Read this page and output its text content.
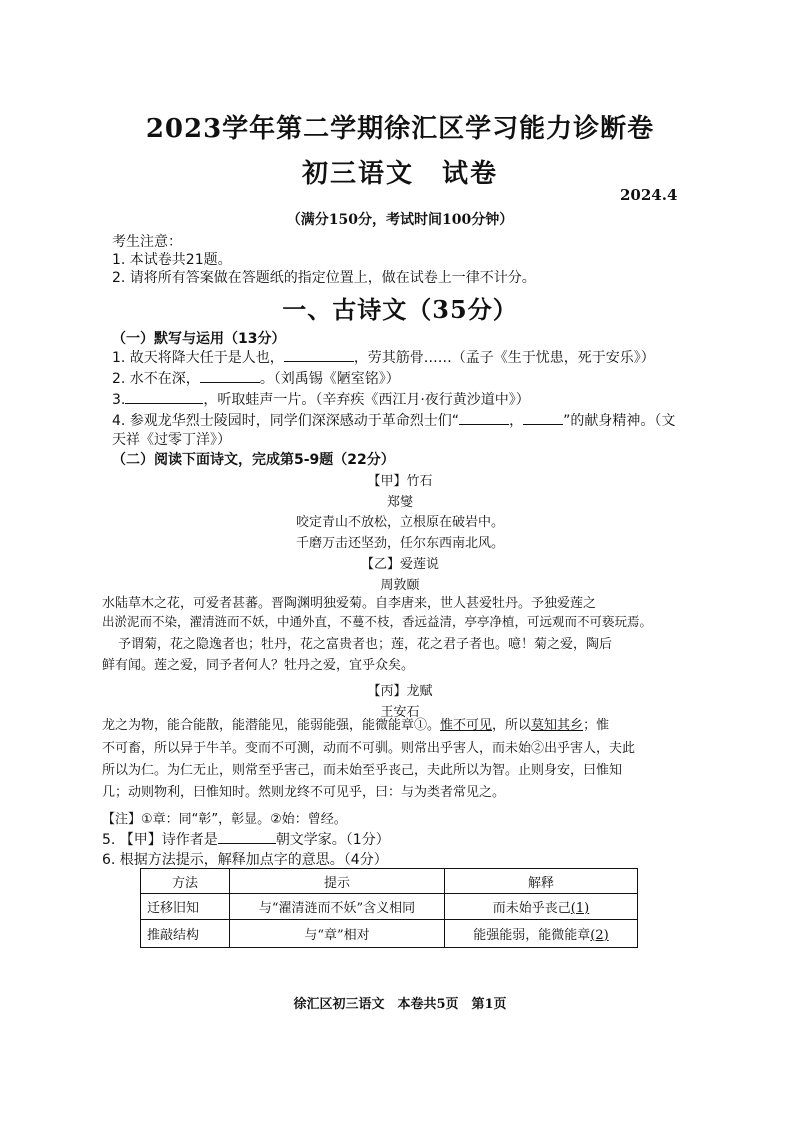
2023学年第二学期徐汇区学习能力诊断卷
初三语文　试卷
2024.4
（满分150分，考试时间100分钟）
考生注意：
1. 本试卷共21题。
2. 请将所有答案做在答题纸的指定位置上，做在试卷上一律不计分。
一、古诗文（35分）
（一）默写与运用（13分）
1. 故天将降大任于是人也，	，劳其筋骨……（孟子《生于忧患，死于安乐》）
2. 水不在深，	。（刘禹锡《陋室铭》）
3.	，听取蛙声一片。（辛弃疾《西江月·夜行黄沙道中》）
4. 参观龙华烈士陵园时，同学们深深感动于革命烈士们“	，	”的献身精神。（文
天祥《过零丁洋》）
（二）阅读下面诗文，完成第5-9题（22分）
【甲】竹石
郑燮
咬定青山不放松，立根原在破岩中。
千磨万击还坚劲，任尔东西南北风。
【乙】爱莲说
周敦颐
水陆草木之花，可爱者甚蕃。晋陶渊明独爱菊。自李唐来，世人甚爱牡丹。予独爱莲之
出淤泥而不染，濯清涟而不妖，中通外直，不蔓不枝，香远益清，亭亭净植，可远观而不可亵玩焉。
予谓菊，花之隐逸者也；牡丹，花之富贵者也；莲，花之君子者也。噫！菊之爱，陶后
鲜有闻。莲之爱，同予者何人？牡丹之爱，宜乎众矣。
【丙】龙赋
王安石
龙之为物，能合能散，能潜能见，能弱能强，能微能章①。惟不可见，所以莫知其乡；惟
不可畜，所以异于牛羊。变而不可测，动而不可驯。则常出乎害人，而未始②出乎害人，夫此
所以为仁。为仁无止，则常至乎害己，而未始至乎丧己，夫此所以为智。止则身安，曰惟知
几；动则物利，曰惟知时。然则龙终不可见乎，曰：与为类者常见之。
【注】①章：同“彰”，彰显。②始：曾经。
5. 【甲】诗作者是	朝文学家。（1分）
6. 根据方法提示，解释加点字的意思。（4分）
方法	提示	解释
迁移旧知	与“濯清涟而不妖”含义相同	而未始乎丧己(1)
推敲结构	与“章”相对	能强能弱，能微能章(2)
徐汇区初三语文　本卷共5页　第1页
